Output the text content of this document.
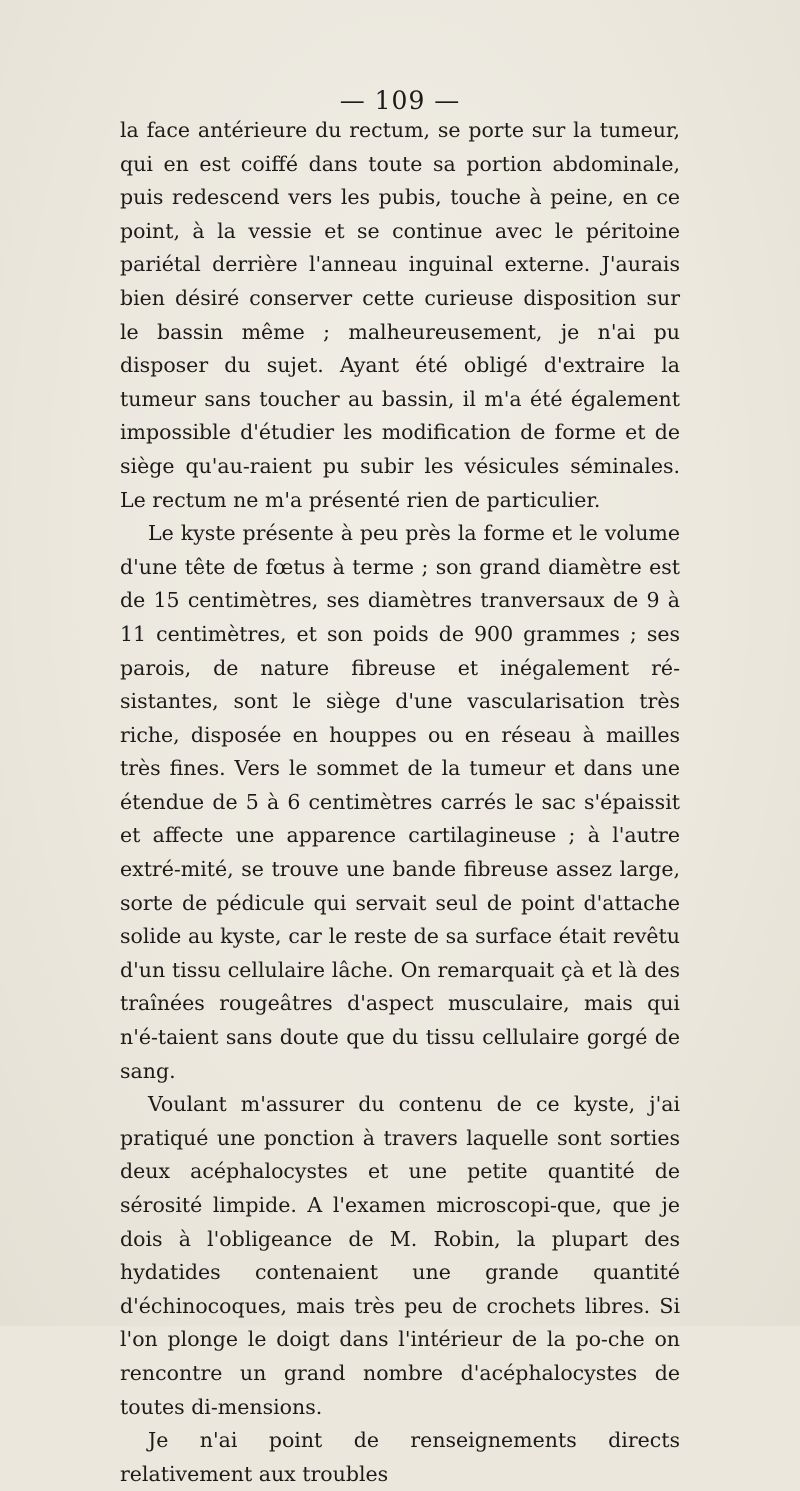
— 109 —

la face antérieure du rectum, se porte sur la tumeur, qui en est coiffé dans toute sa portion abdominale, puis redescend vers les pubis, touche à peine, en ce point, à la vessie et se continue avec le péritoine pariétal derrière l'anneau inguinal externe. J'aurais bien désiré conserver cette curieuse disposition sur le bassin même ; malheureusement, je n'ai pu disposer du sujet. Ayant été obligé d'extraire la tumeur sans toucher au bassin, il m'a été également impossible d'étudier les modification de forme et de siège qu'au-raient pu subir les vésicules séminales. Le rectum ne m'a présenté rien de particulier.

Le kyste présente à peu près la forme et le volume d'une tête de fœtus à terme ; son grand diamètre est de 15 centimètres, ses diamètres tranversaux de 9 à 11 centimètres, et son poids de 900 grammes ; ses parois, de nature fibreuse et inégalement ré-sistantes, sont le siège d'une vascularisation très riche, disposée en houppes ou en réseau à mailles très fines. Vers le sommet de la tumeur et dans une étendue de 5 à 6 centimètres carrés le sac s'épaissit et affecte une apparence cartilagineuse ; à l'autre extré-mité, se trouve une bande fibreuse assez large, sorte de pédicule qui servait seul de point d'attache solide au kyste, car le reste de sa surface était revêtu d'un tissu cellulaire lâche. On remarquait çà et là des traînées rougeâtres d'aspect musculaire, mais qui n'é-taient sans doute que du tissu cellulaire gorgé de sang.

Voulant m'assurer du contenu de ce kyste, j'ai pratiqué une ponction à travers laquelle sont sorties deux acéphalocystes et une petite quantité de sérosité limpide. A l'examen microscopi-que, que je dois à l'obligeance de M. Robin, la plupart des hydatides contenaient une grande quantité d'échinocoques, mais très peu de crochets libres. Si l'on plonge le doigt dans l'intérieur de la po-che on rencontre un grand nombre d'acéphalocystes de toutes di-mensions.

Je n'ai point de renseignements directs relativement aux troubles
